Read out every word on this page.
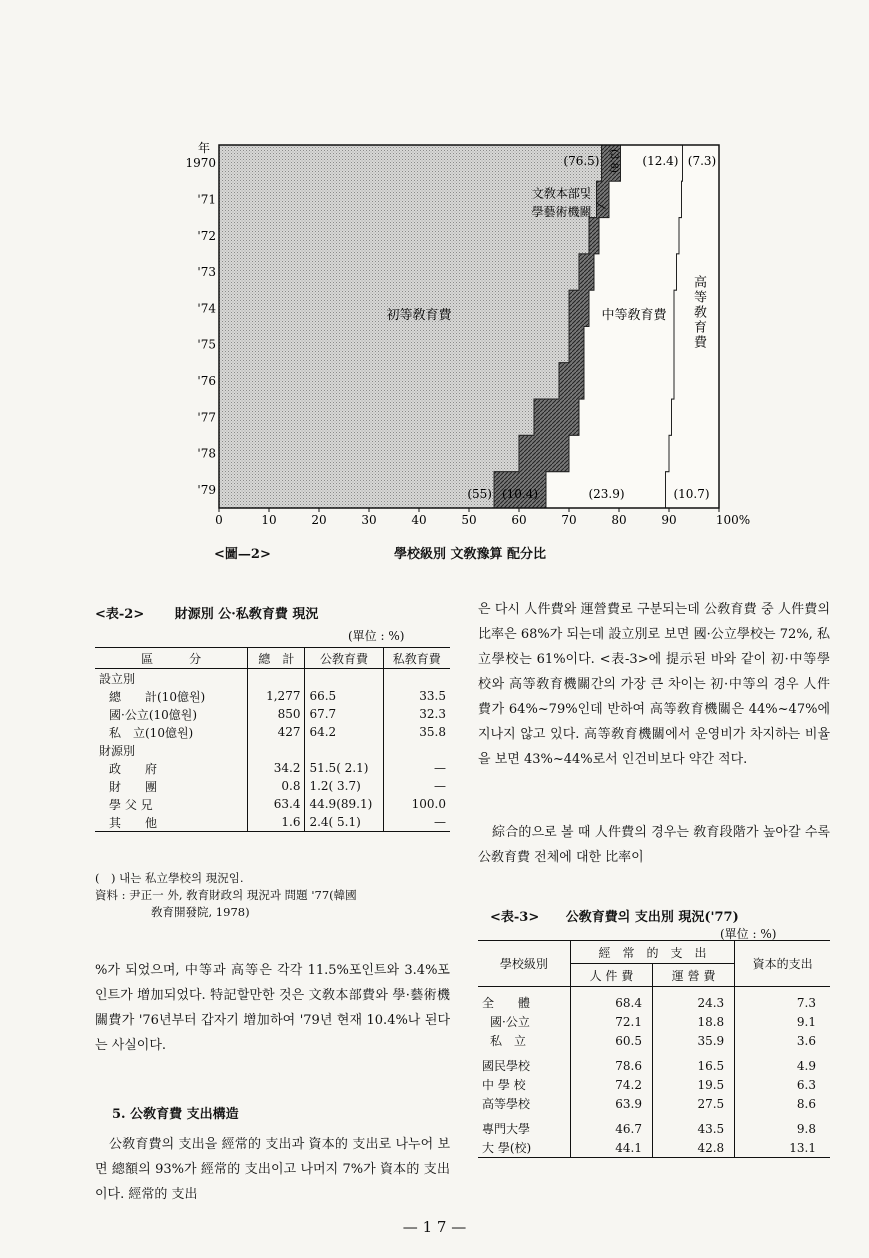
0	10	20	30	40	50	60	70	80	90	100%
年
1970
'71
'72
'73
'74
'75
'76
'77
'78
'79
(76.5) (3.8) (12.4) (7.3)
(55) (10.4)	(23.9)	(10.7)
初等敎育費
文敎本部및
學藝術機關
中等敎育費
高
等
敎
育
費
<圖—2>	學校級別 文敎豫算 配分比
<表-2> 財源別 公·私敎育費 現況
(單位 : %)
區　　　分	總　計	公敎育費	私敎育費
設立別			
總　　計(10億원)	1,277	66.5	33.5
國·公立(10億원)	850	67.7	32.3
私　立(10億원)	427	64.2	35.8
財源別			
政　　府	34.2	51.5( 2.1)	—
財　　團	0.8	1.2( 3.7)	—
學 父 兄	63.4	44.9(89.1)	100.0
其　　他	1.6	2.4( 5.1)	—
(　) 내는 私立學校의 現況임.
資料 : 尹正一 外, 敎育財政의 現況과 問題 '77(韓國
敎育開發院, 1978)
%가 되었으며, 中等과 高等은 각각 11.5%포인트와 3.4%포인트가 增加되었다. 特記할만한 것은 文敎本部費와 學·藝術機關費가 '76년부터 갑자기 增加하여 '79년 현재 10.4%나 된다는 사실이다.
5. 公敎育費 支出構造
公敎育費의 支出을 經常的 支出과 資本的 支出로 나누어 보면 總額의 93%가 經常的 支出이고 나머지 7%가 資本的 支出이다. 經常的 支出
은 다시 人件費와 運營費로 구분되는데 公敎育費 중 人件費의 比率은 68%가 되는데 設立別로 보면 國·公立學校는 72%, 私立學校는 61%이다. <表-3>에 提示된 바와 같이 初·中等學校와 高等敎育機關간의 가장 큰 차이는 初·中等의 경우 人件費가 64%~79%인데 반하여 高等敎育機關은 44%~47%에 지나지 않고 있다. 高等敎育機關에서 운영비가 차지하는 비율을 보면 43%~44%로서 인건비보다 약간 적다.
綜合的으로 볼 때 人件費의 경우는 敎育段階가 높아갈 수록 公敎育費 전체에 대한 比率이
<表-3> 公敎育費의 支出別 現況('77)
(單位 : %)
學校級別	經　常　的　支　出		資本的支出
	人 件 費	運 營 費	
全　　體	68.4	24.3	7.3
國·公立	72.1	18.8	9.1
私　立	60.5	35.9	3.6
國民學校	78.6	16.5	4.9
中 學 校	74.2	19.5	6.3
高等學校	63.9	27.5	8.6
專門大學	46.7	43.5	9.8
大 學(校)	44.1	42.8	13.1
— 1 7 —
